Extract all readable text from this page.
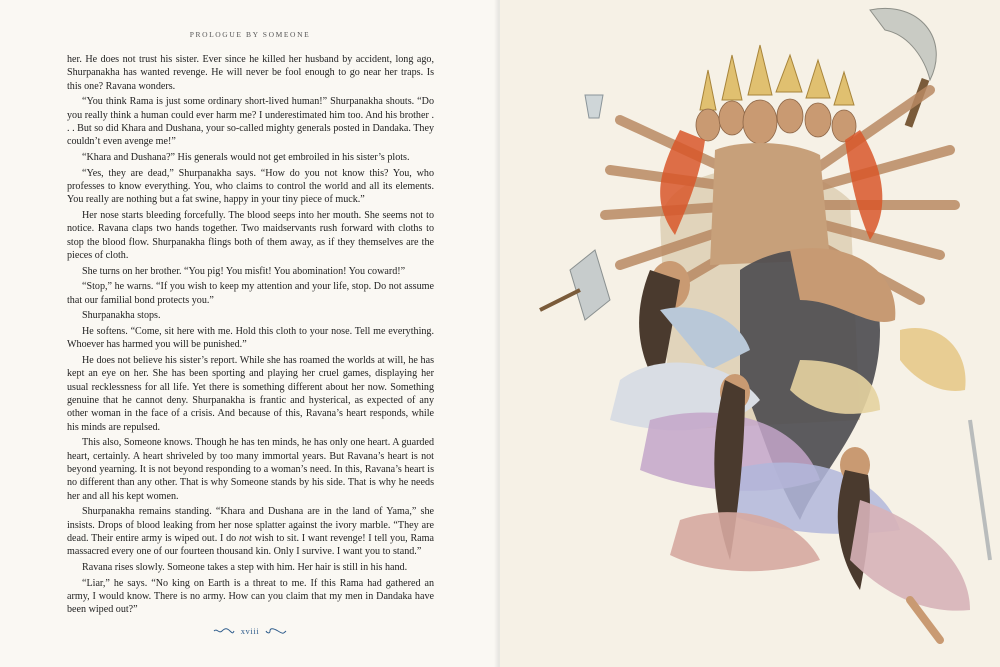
PROLOGUE BY SOMEONE

her. He does not trust his sister. Ever since he killed her husband by accident, long ago, Shurpanakha has wanted revenge. He will never be fool enough to go near her traps. Is this one? Ravana wonders.

“You think Rama is just some ordinary short-lived human!” Shurpanakha shouts. “Do you really think a human could ever harm me? I underestimated him too. And his brother . . . But so did Khara and Dushana, your so-called mighty generals posted in Dandaka. They couldn’t even avenge me!”

“Khara and Dushana?” His generals would not get embroiled in his sister’s plots.

“Yes, they are dead,” Shurpanakha says. “How do you not know this? You, who professes to know everything. You, who claims to control the world and all its elements. You really are nothing but a fat swine, happy in your tiny piece of muck.”

Her nose starts bleeding forcefully. The blood seeps into her mouth. She seems not to notice. Ravana claps two hands together. Two maidservants rush forward with cloths to stop the blood flow. Shurpanakha flings both of them away, as if they themselves are the pieces of cloth.

She turns on her brother. “You pig! You misfit! You abomination! You coward!”

“Stop,” he warns. “If you wish to keep my attention and your life, stop. Do not assume that our familial bond protects you.”

Shurpanakha stops.

He softens. “Come, sit here with me. Hold this cloth to your nose. Tell me everything. Whoever has harmed you will be punished.”

He does not believe his sister’s report. While she has roamed the worlds at will, he has kept an eye on her. She has been sporting and playing her cruel games, displaying her usual recklessness for all life. Yet there is something different about her now. Something genuine that he cannot deny. Shurpanakha is frantic and hysterical, as expected of any other woman in the face of a crisis. And because of this, Ravana’s heart responds, while his minds are repulsed.

This also, Someone knows. Though he has ten minds, he has only one heart. A guarded heart, certainly. A heart shriveled by too many immortal years. But Ravana’s heart is not beyond yearning. It is not beyond responding to a woman’s need. In this, Ravana’s heart is no different than any other. That is why Someone stands by his side. That is why he needs her and all his kept women.

Shurpanakha remains standing. “Khara and Dushana are in the land of Yama,” she insists. Drops of blood leaking from her nose splatter against the ivory marble. “They are dead. Their entire army is wiped out. I do not wish to sit. I want revenge! I tell you, Rama massacred every one of our fourteen thousand kin. Only I survive. I want you to stand.”

Ravana rises slowly. Someone takes a step with him. Her hair is still in his hand.

“Liar,” he says. “No king on Earth is a threat to me. If this Rama had gathered an army, I would know. There is no army. How can you claim that my men in Dandaka have been wiped out?”

xviii
